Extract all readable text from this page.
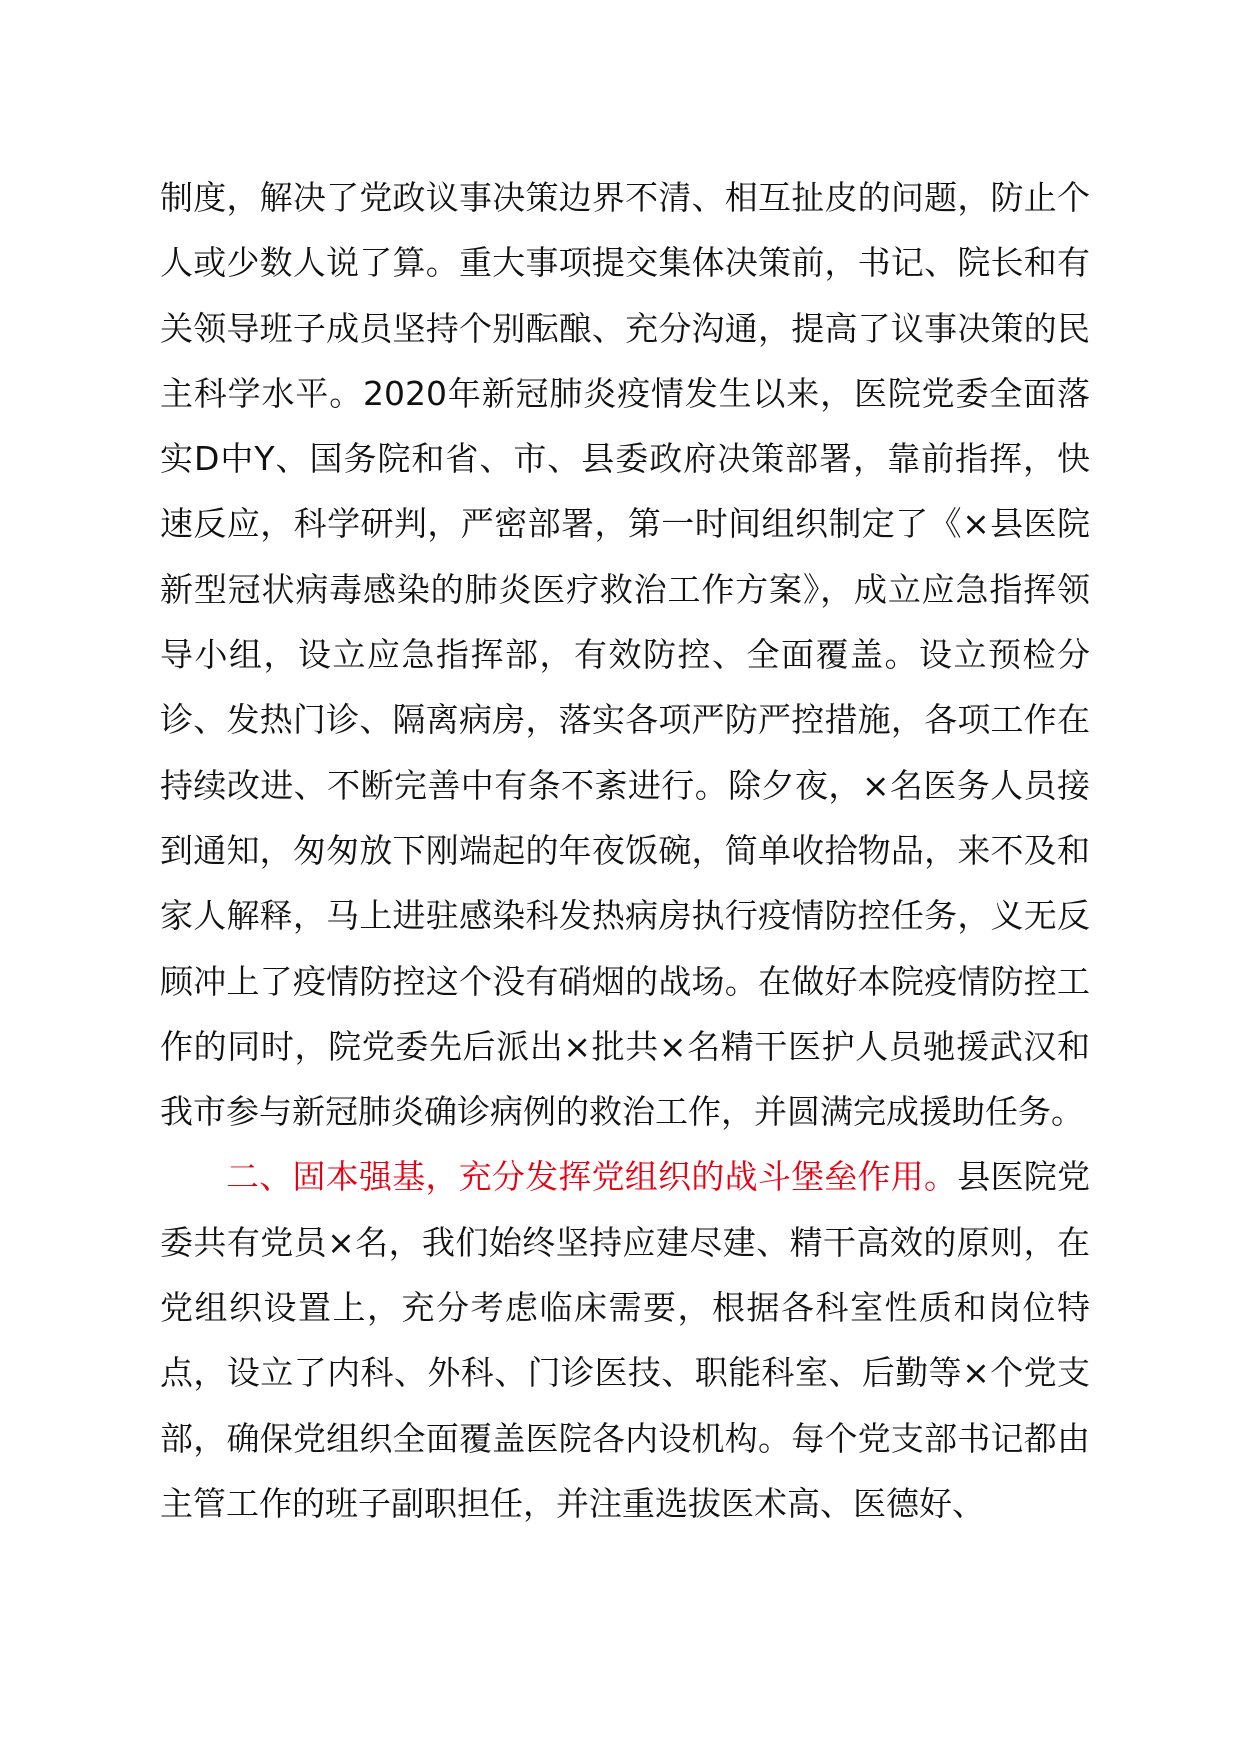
制度，解决了党政议事决策边界不清、相互扯皮的问题，防止个人或少数人说了算。重大事项提交集体决策前，书记、院长和有关领导班子成员坚持个别酝酿、充分沟通，提高了议事决策的民主科学水平。2020年新冠肺炎疫情发生以来，医院党委全面落实D中Y、国务院和省、市、县委政府决策部署，靠前指挥，快速反应，科学研判，严密部署，第一时间组织制定了《×县医院新型冠状病毒感染的肺炎医疗救治工作方案》，成立应急指挥领导小组，设立应急指挥部，有效防控、全面覆盖。设立预检分诊、发热门诊、隔离病房，落实各项严防严控措施，各项工作在持续改进、不断完善中有条不紊进行。除夕夜，×名医务人员接到通知，匆匆放下刚端起的年夜饭碗，简单收拾物品，来不及和家人解释，马上进驻感染科发热病房执行疫情防控任务，义无反顾冲上了疫情防控这个没有硝烟的战场。在做好本院疫情防控工作的同时，院党委先后派出×批共×名精干医护人员驰援武汉和我市参与新冠肺炎确诊病例的救治工作，并圆满完成援助任务。

二、固本强基，充分发挥党组织的战斗堡垒作用。县医院党委共有党员×名，我们始终坚持应建尽建、精干高效的原则，在党组织设置上，充分考虑临床需要，根据各科室性质和岗位特点，设立了内科、外科、门诊医技、职能科室、后勤等×个党支部，确保党组织全面覆盖医院各内设机构。每个党支部书记都由主管工作的班子副职担任，并注重选拔医术高、医德好、
